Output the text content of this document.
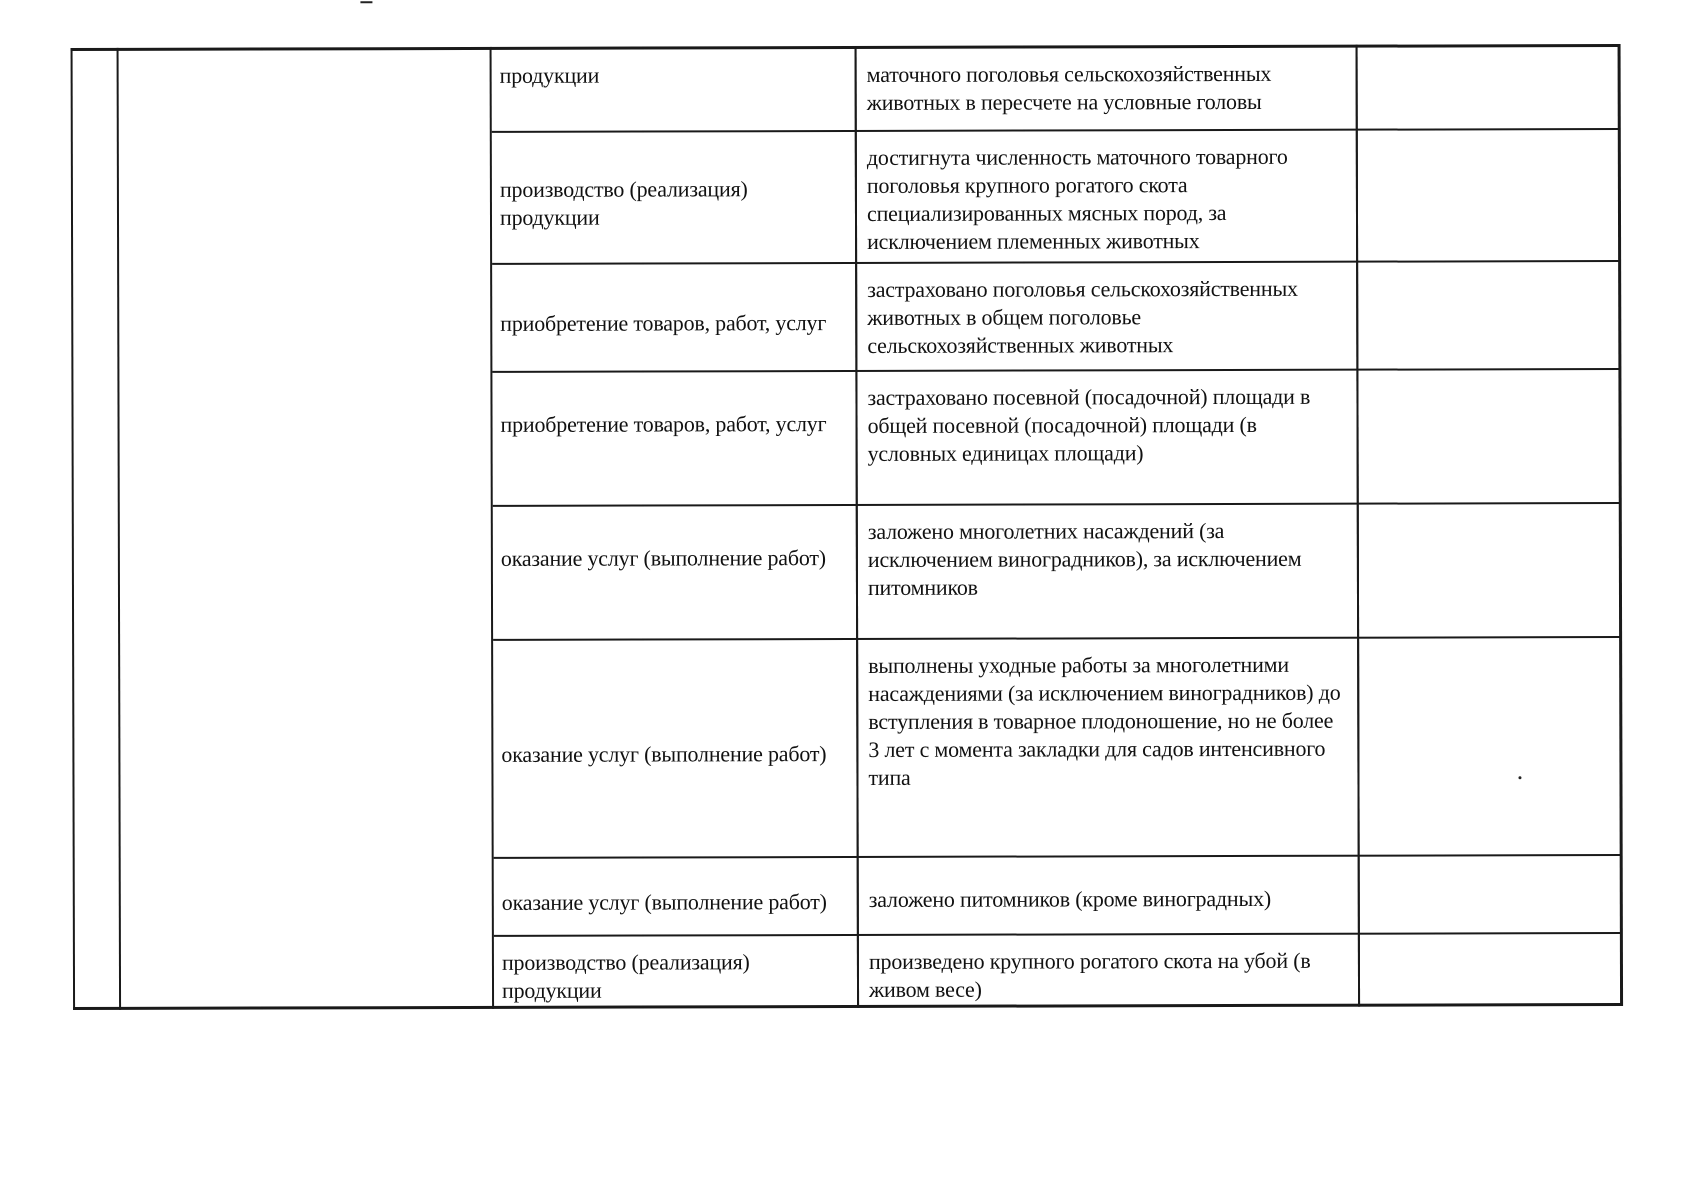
продукции	маточного поголовья сельскохозяйственных животных в пересчете на условные головы
производство (реализация) продукции
достигнута численность маточного товарного поголовья крупного рогатого скота специализированных мясных пород, за исключением племенных животных
приобретение товаров, работ, услуг
застраховано поголовья сельскохозяйственных животных в общем поголовье сельскохозяйственных животных
приобретение товаров, работ, услуг
застраховано посевной (посадочной) площади в общей посевной (посадочной) площади (в условных единицах площади)
оказание услуг (выполнение работ)
заложено многолетних насаждений (за исключением виноградников), за исключением питомников
оказание услуг (выполнение работ)
выполнены уходные работы за многолетними насаждениями (за исключением виноградников) до вступления в товарное плодоношение, но не более 3 лет с момента закладки для садов интенсивного типа
оказание услуг (выполнение работ)	заложено питомников (кроме виноградных)
производство (реализация) продукции
произведено крупного рогатого скота на убой (в живом весе)
